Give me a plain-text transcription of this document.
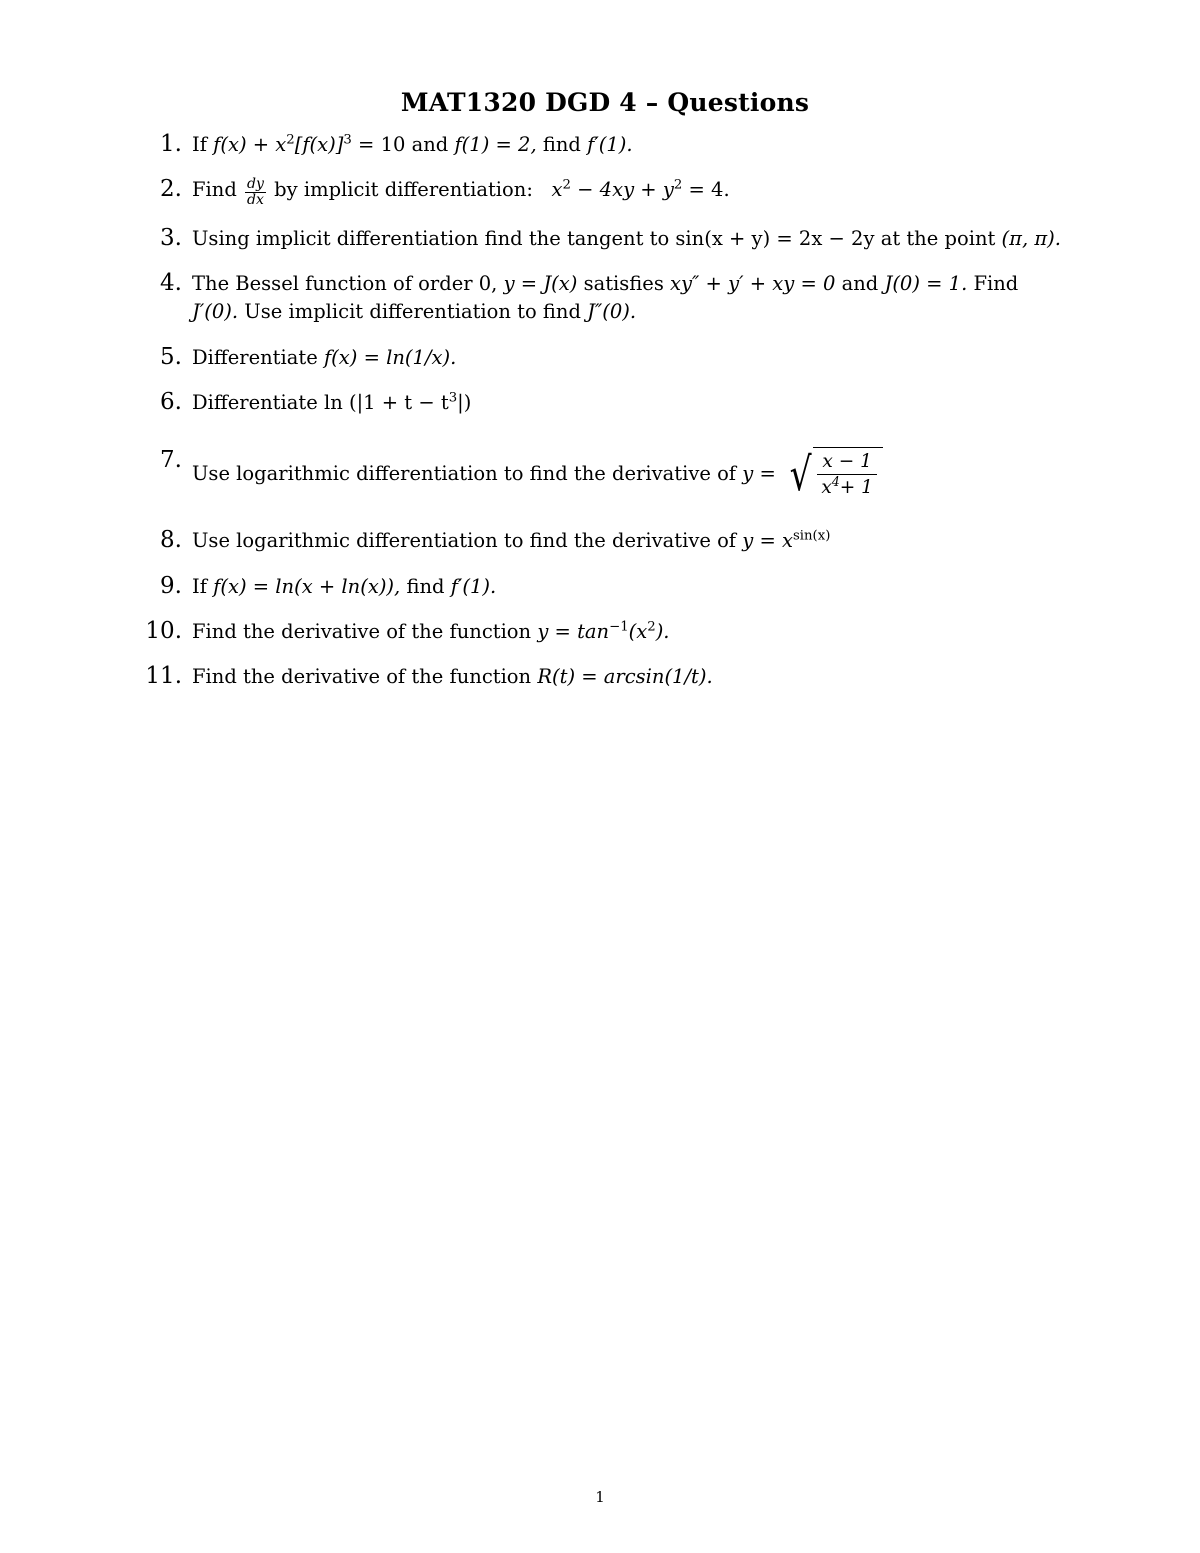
MAT1320 DGD 4 – Questions
1. If $f(x) + x^2[f(x)]^3 = 10$ and f(1) = 2, find f′(1).
2. Find $\frac{dy}{dx}$ by implicit differentiation: $x^2 - 4xy + y^2 = 4$.
3. Using implicit differentiation find the tangent to sin(x + y) = 2x − 2y at the point (π, π).
4. The Bessel function of order 0, y = J(x) satisfies xy″ + y′ + xy = 0 and J(0) = 1. Find J′(0). Use implicit differentiation to find J″(0).
5. Differentiate f(x) = ln(1/x).
6. Differentiate $\ln (|1 + t - t^3|)$
7.
Use logarithmic differentiation to find the derivative of y = √ $\frac{x - 1}{x^4+ 1}$
8. Use logarithmic differentiation to find the derivative of $y = x^{sin(x)}$
9. If f(x) = ln(x + ln(x)), find f′(1).
10. Find the derivative of the function $y = \tan^{-1}(x^2)$.
11. Find the derivative of the function R(t) = arcsin(1/t).
1
